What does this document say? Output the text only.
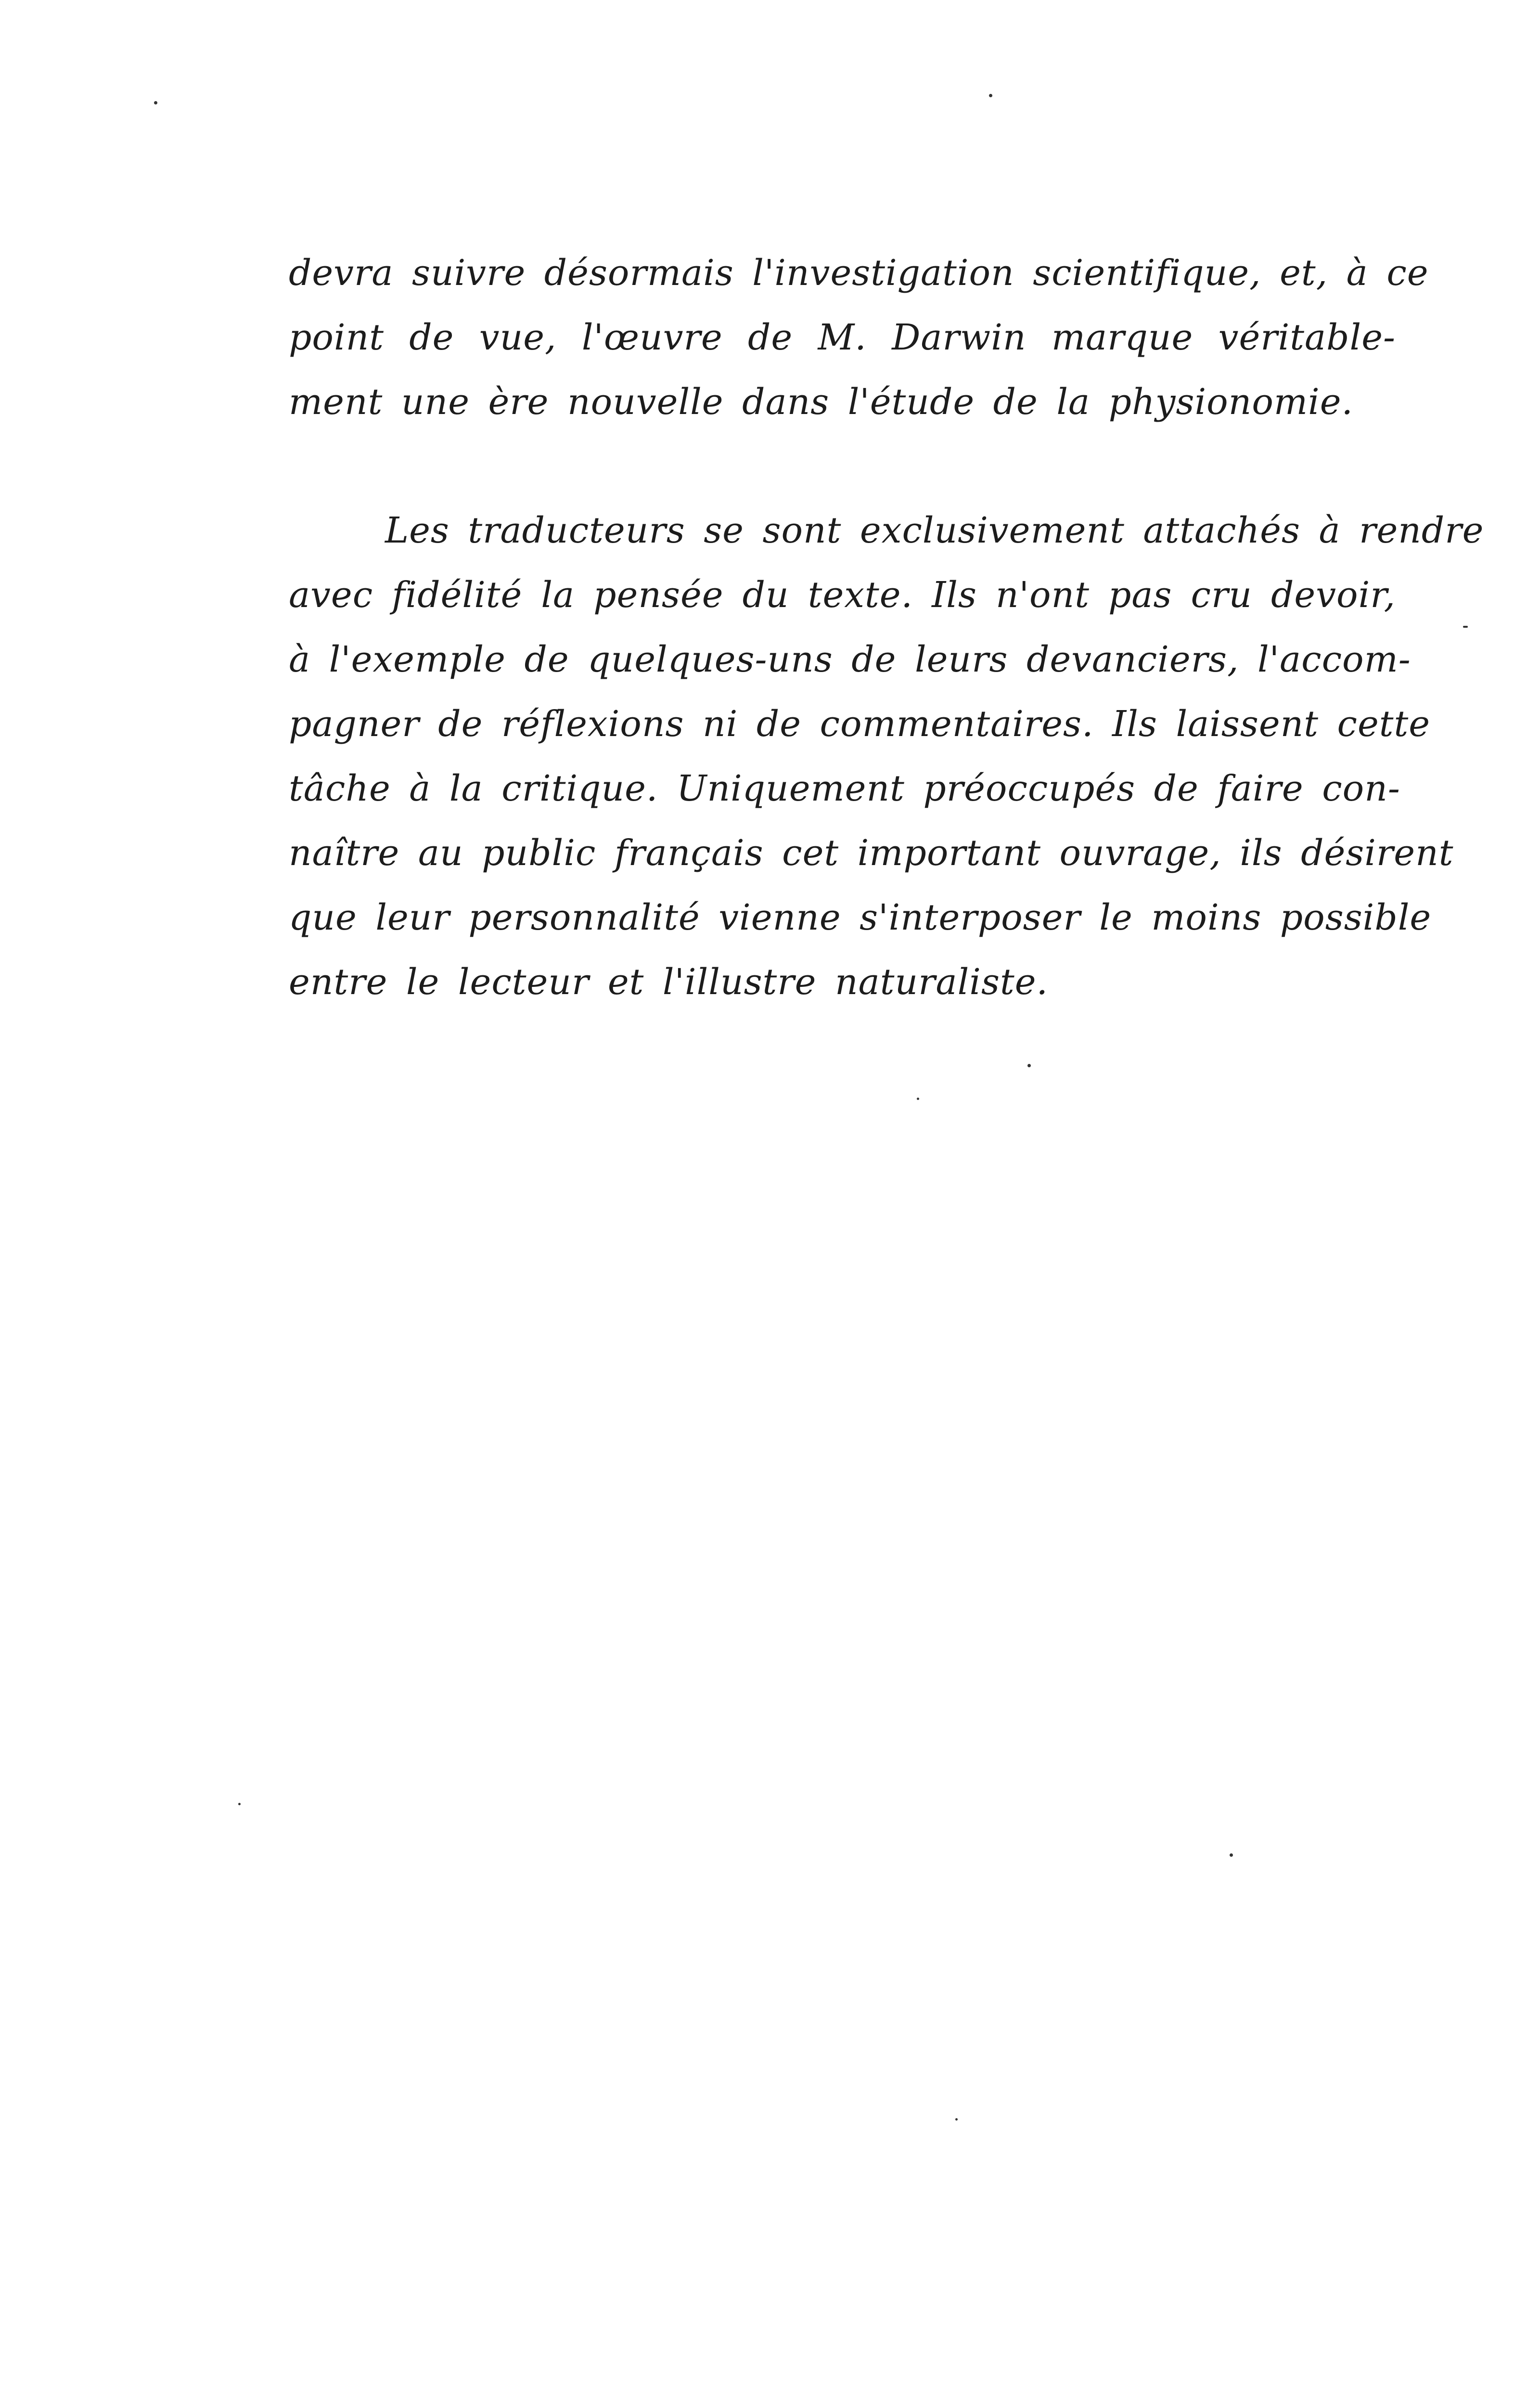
devra suivre désormais l'investigation scientifique, et, à ce
point de vue, l'œuvre de M. Darwin marque véritable-
ment une ère nouvelle dans l'étude de la physionomie.
Les traducteurs se sont exclusivement attachés à rendre
avec fidélité la pensée du texte. Ils n'ont pas cru devoir,
à l'exemple de quelques-uns de leurs devanciers, l'accom-
pagner de réflexions ni de commentaires. Ils laissent cette
tâche à la critique. Uniquement préoccupés de faire con-
naître au public français cet important ouvrage, ils désirent
que leur personnalité vienne s'interposer le moins possible
entre le lecteur et l'illustre naturaliste.
